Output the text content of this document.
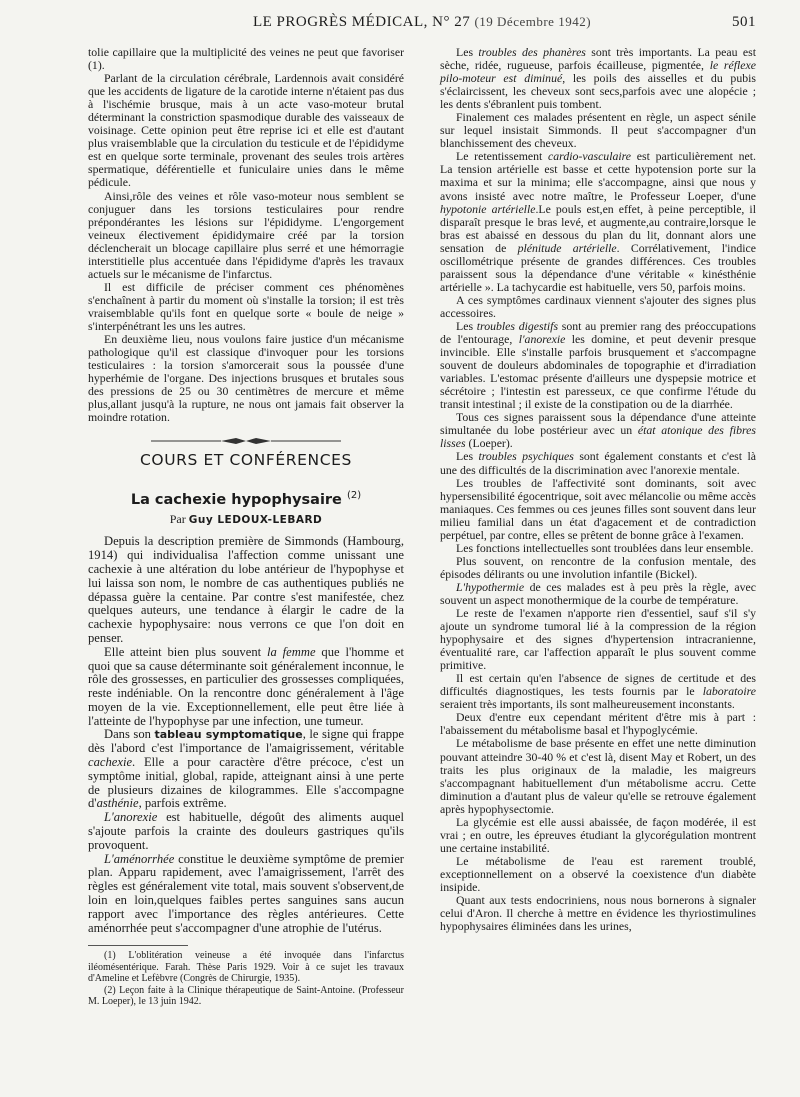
LE PROGRÈS MÉDICAL, N° 27 (19 Décembre 1942)	501

tolie capillaire que la multiplicité des veines ne peut que favoriser (1).

Parlant de la circulation cérébrale, Lardennois avait considéré que les accidents de ligature de la carotide interne n'étaient pas dus à l'ischémie brusque, mais à un acte vaso-moteur brutal déterminant la constriction spasmodique durable des vaisseaux de voisinage. Cette opinion peut être reprise ici et elle est d'autant plus vraisemblable que la circulation du testicule et de l'épididyme est en quelque sorte terminale, provenant des seules trois artères spermatique, déférentielle et funiculaire unies dans le même pédicule.

Ainsi,rôle des veines et rôle vaso-moteur nous semblent se conjuguer dans les torsions testiculaires pour rendre prépondérantes les lésions sur l'épididyme. L'engorgement veineux électivement épididymaire créé par la torsion déclencherait un blocage capillaire plus serré et une hémorragie interstitielle plus accentuée dans l'épididyme d'après les travaux actuels sur le mécanisme de l'infarctus.

Il est difficile de préciser comment ces phénomènes s'enchaînent à partir du moment où s'installe la torsion; il est très vraisemblable qu'ils font en quelque sorte « boule de neige » s'interpénétrant les uns les autres.

En deuxième lieu, nous voulons faire justice d'un mécanisme pathologique qu'il est classique d'invoquer pour les torsions testiculaires : la torsion s'amorcerait sous la poussée d'une hyperhémie de l'organe. Des injections brusques et brutales sous des pressions de 25 ou 30 centimètres de mercure et même plus,allant jusqu'à la rupture, ne nous ont jamais fait observer la moindre rotation.

COURS ET CONFÉRENCES
La cachexie hypophysaire $^{(2)}$
Par Guy LEDOUX-LEBARD

Depuis la description première de Simmonds (Hambourg, 1914) qui individualisa l'affection comme unissant une cachexie à une altération du lobe antérieur de l'hypophyse et lui laissa son nom, le nombre de cas authentiques publiés ne dépassa guère la centaine. Par contre s'est manifestée, chez quelques auteurs, une tendance à élargir le cadre de la cachexie hypophysaire: nous verrons ce que l'on doit en penser.

Elle atteint bien plus souvent la femme que l'homme et quoi que sa cause déterminante soit généralement inconnue, le rôle des grossesses, en particulier des grossesses compliquées, reste indéniable. On la rencontre donc généralement à l'âge moyen de la vie. Exceptionnellement, elle peut être liée à l'atteinte de l'hypophyse par une infection, une tumeur.

Dans son tableau symptomatique, le signe qui frappe dès l'abord c'est l'importance de l'amaigrissement, véritable cachexie. Elle a pour caractère d'être précoce, c'est un symptôme initial, global, rapide, atteignant ainsi à une perte de plusieurs dizaines de kilogrammes. Elle s'accompagne d'asthénie, parfois extrême.

L'anorexie est habituelle, dégoût des aliments auquel s'ajoute parfois la crainte des douleurs gastriques qu'ils provoquent.

L'aménorrhée constitue le deuxième symptôme de premier plan. Apparu rapidement, avec l'amaigrissement, l'arrêt des règles est généralement vite total, mais souvent s'observent,de loin en loin,quelques faibles pertes sanguines sans aucun rapport avec l'importance des règles antérieures. Cette aménorrhée peut s'accompagner d'une atrophie de l'utérus.

(1) L'oblitération veineuse a été invoquée dans l'infarctus iléomésentérique. Farah. Thèse Paris 1929. Voir à ce sujet les travaux d'Ameline et Lefèbvre (Congrès de Chirurgie, 1935).

(2) Leçon faite à la Clinique thérapeutique de Saint-Antoine. (Professeur M. Loeper), le 13 juin 1942.

Les troubles des phanères sont très importants. La peau est sèche, ridée, rugueuse, parfois écailleuse, pigmentée, le réflexe pilo-moteur est diminué, les poils des aisselles et du pubis s'éclaircissent, les cheveux sont secs,parfois avec une alopécie ; les dents s'ébranlent puis tombent.

Finalement ces malades présentent en règle, un aspect sénile sur lequel insistait Simmonds. Il peut s'accompagner d'un blanchissement des cheveux.

Le retentissement cardio-vasculaire est particulièrement net. La tension artérielle est basse et cette hypotension porte sur la maxima et sur la minima; elle s'accompagne, ainsi que nous y avons insisté avec notre maître, le Professeur Loeper, d'une hypotonie artérielle.Le pouls est,en effet, à peine perceptible, il disparaît presque le bras levé, et augmente,au contraire,lorsque le bras est abaissé en dessous du plan du lit, donnant alors une sensation de plénitude artérielle. Corrélativement, l'indice oscillométrique présente de grandes différences. Ces troubles paraissent sous la dépendance d'une véritable « kinésthénie artérielle ». La tachycardie est habituelle, vers 50, parfois moins.

A ces symptômes cardinaux viennent s'ajouter des signes plus accessoires.

Les troubles digestifs sont au premier rang des préoccupations de l'entourage, l'anorexie les domine, et peut devenir presque invincible. Elle s'installe parfois brusquement et s'accompagne souvent de douleurs abdominales de topographie et d'irradiation variables. L'estomac présente d'ailleurs une dyspepsie motrice et sécrétoire ; l'intestin est paresseux, ce que confirme l'étude du transit intestinal ; il existe de la constipation ou de la diarrhée.

Tous ces signes paraissent sous la dépendance d'une atteinte simultanée du lobe postérieur avec un état atonique des fibres lisses (Loeper).

Les troubles psychiques sont également constants et c'est là une des difficultés de la discrimination avec l'anorexie mentale.

Les troubles de l'affectivité sont dominants, soit avec hypersensibilité égocentrique, soit avec mélancolie ou même accès maniaques. Ces femmes ou ces jeunes filles sont souvent dans leur milieu familial dans un état d'agacement et de contradiction perpétuel, par contre, elles se prêtent de bonne grâce à l'examen.

Les fonctions intellectuelles sont troublées dans leur ensemble.

Plus souvent, on rencontre de la confusion mentale, des épisodes délirants ou une involution infantile (Bickel).

L'hypothermie de ces malades est à peu près la règle, avec souvent un aspect monothermique de la courbe de température.

Le reste de l'examen n'apporte rien d'essentiel, sauf s'il s'y ajoute un syndrome tumoral lié à la compression de la région hypophysaire et des signes d'hypertension intracranienne, éventualité rare, car l'affection apparaît le plus souvent comme primitive.

Il est certain qu'en l'absence de signes de certitude et des difficultés diagnostiques, les tests fournis par le laboratoire seraient très importants, ils sont malheureusement inconstants.

Deux d'entre eux cependant méritent d'être mis à part : l'abaissement du métabolisme basal et l'hypoglycémie.

Le métabolisme de base présente en effet une nette diminution pouvant atteindre 30-40 % et c'est là, disent May et Robert, un des traits les plus originaux de la maladie, les maigreurs s'accompagnant habituellement d'un métabolisme accru. Cette diminution a d'autant plus de valeur qu'elle se retrouve également après hypophysectomie.

La glycémie est elle aussi abaissée, de façon modérée, il est vrai ; en outre, les épreuves étudiant la glycorégulation montrent une certaine instabilité.

Le métabolisme de l'eau est rarement troublé, exceptionnellement on a observé la coexistence d'un diabète insipide.

Quant aux tests endocriniens, nous nous bornerons à signaler celui d'Aron. Il cherche à mettre en évidence les thyriostimulines hypophysaires éliminées dans les urines,
